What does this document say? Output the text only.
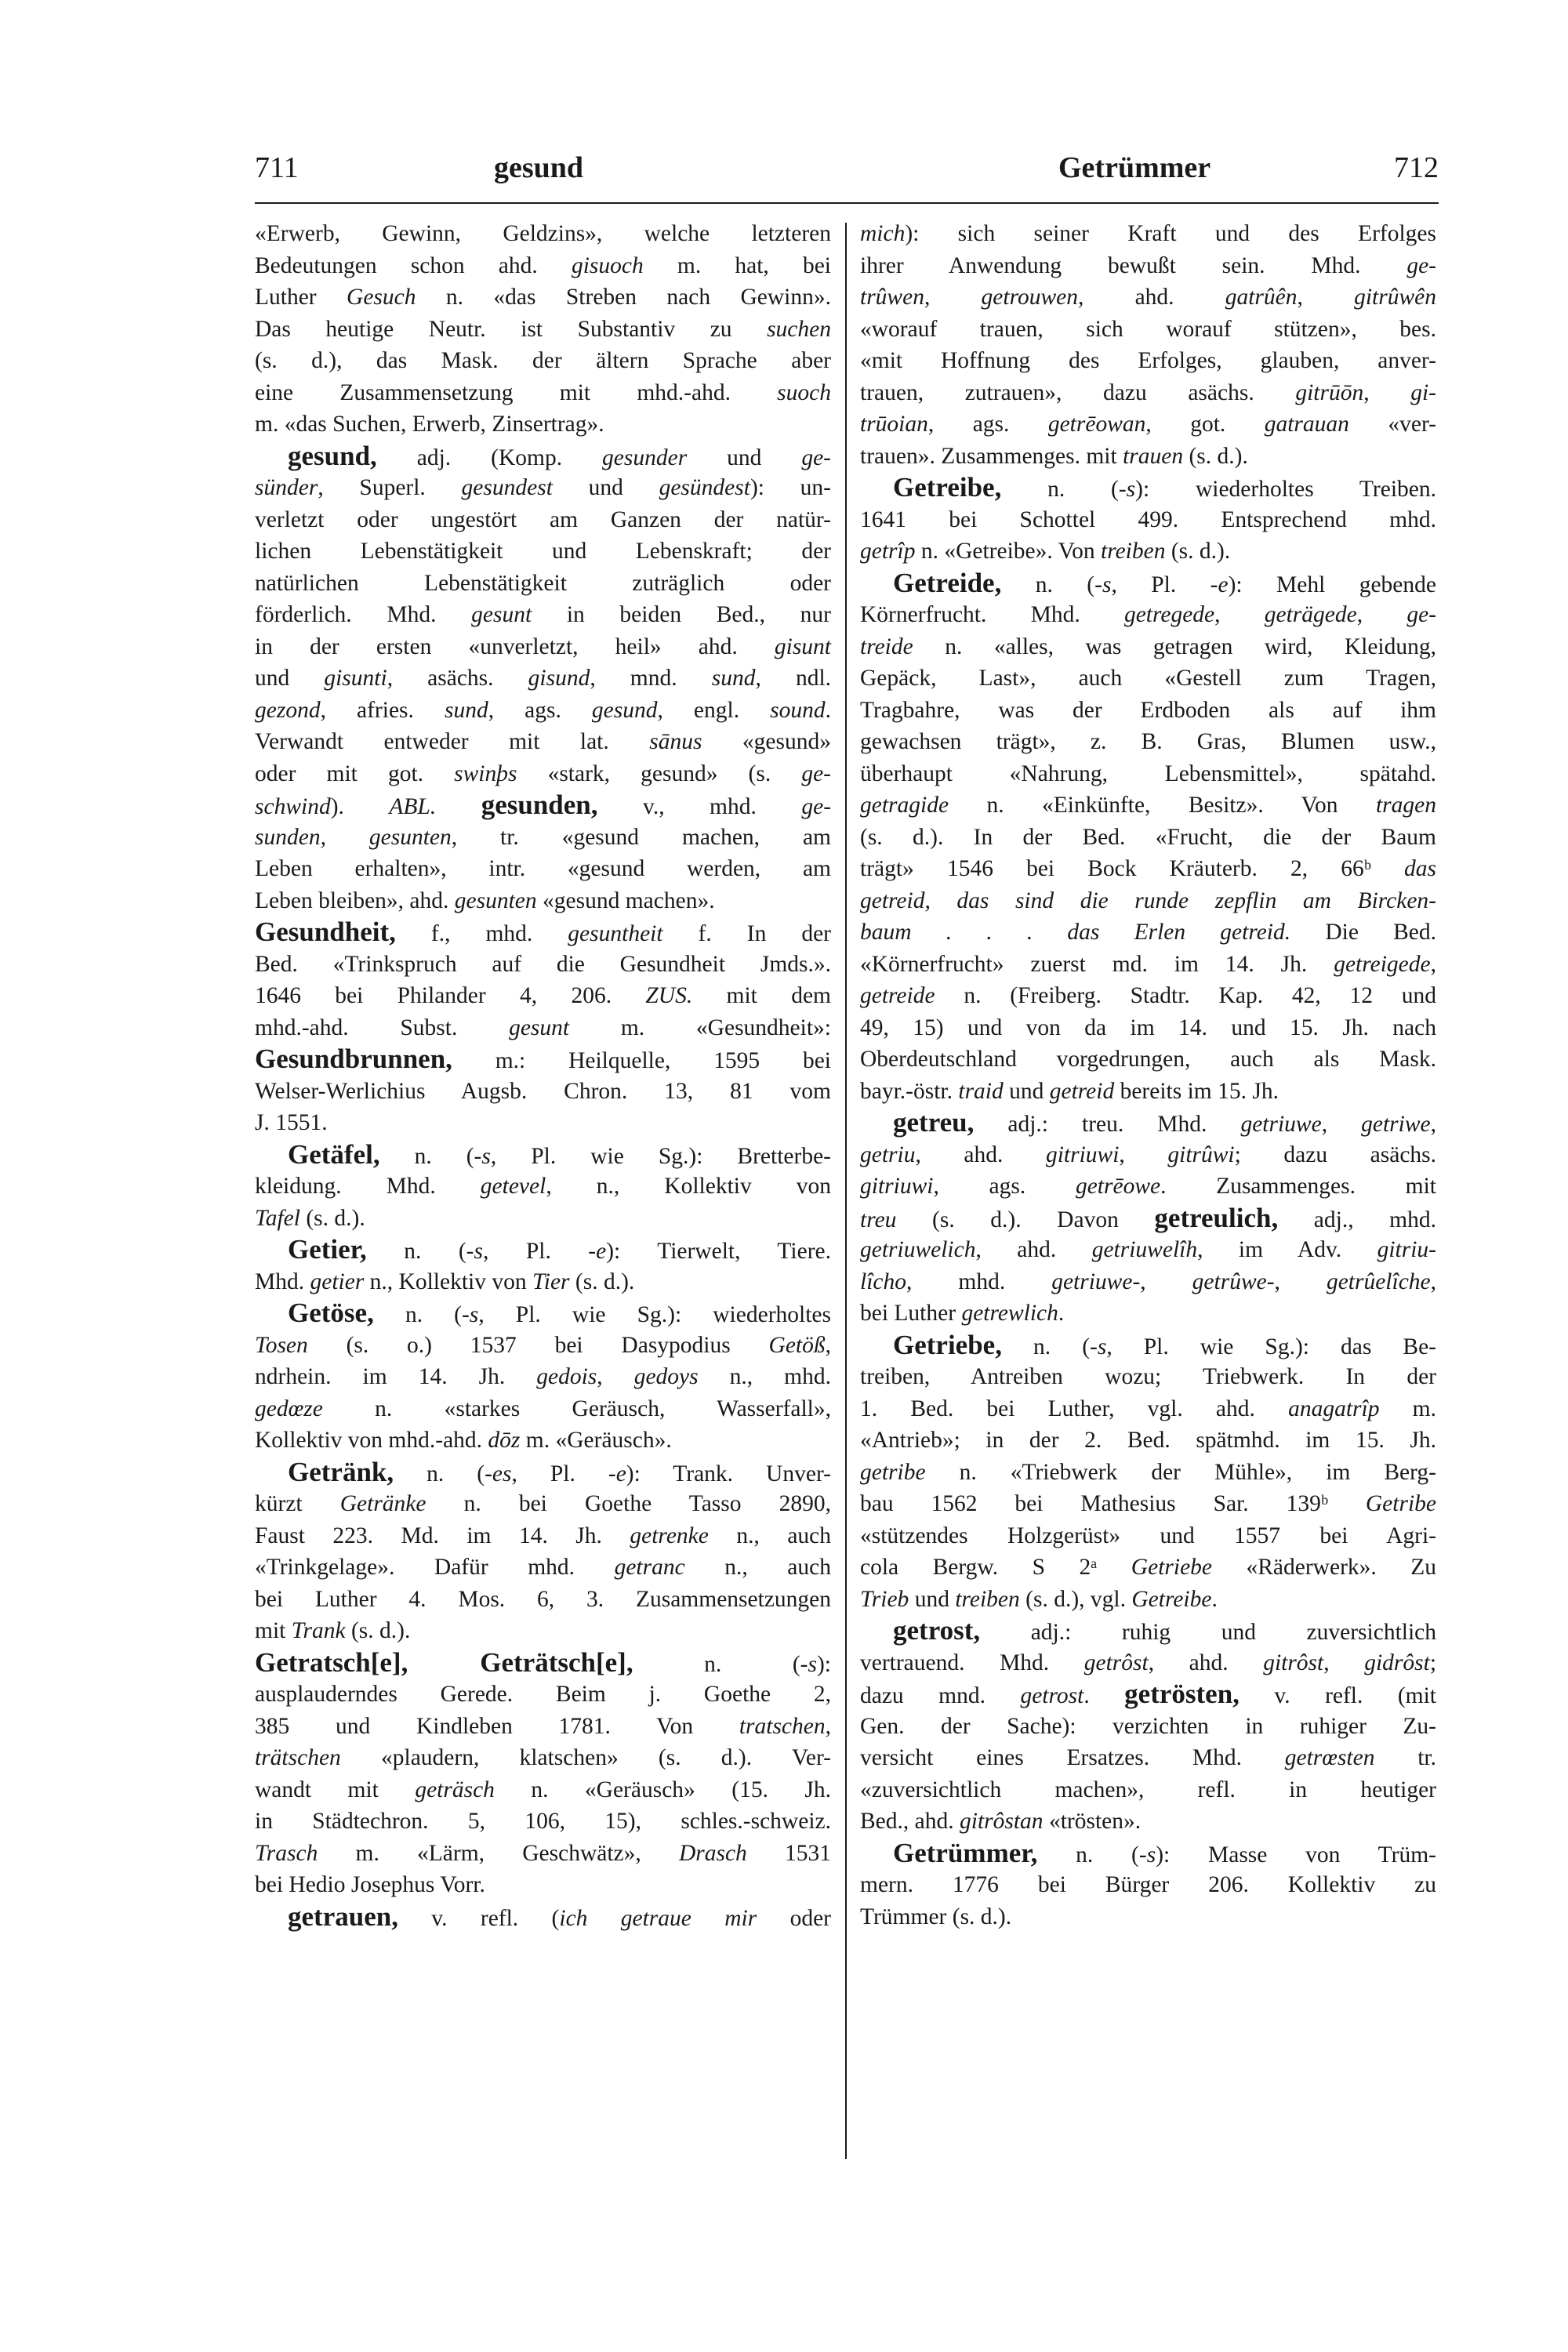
711	gesund	Getrümmer	712
«Erwerb, Gewinn, Geldzins», welche letzteren
Bedeutungen schon ahd. gisuoch m. hat, bei
Luther Gesuch n. «das Streben nach Gewinn».
Das heutige Neutr. ist Substantiv zu suchen
(s. d.), das Mask. der ältern Sprache aber
eine Zusammensetzung mit mhd.-ahd. suoch
m. «das Suchen, Erwerb, Zinsertrag».
gesund, adj. (Komp. gesunder und ge-
sünder, Superl. gesundest und gesündest): un-
verletzt oder ungestört am Ganzen der natür-
lichen Lebenstätigkeit und Lebenskraft; der
natürlichen Lebenstätigkeit zuträglich oder
förderlich. Mhd. gesunt in beiden Bed., nur
in der ersten «unverletzt, heil» ahd. gisunt
und gisunti, asächs. gisund, mnd. sund, ndl.
gezond, afries. sund, ags. gesund, engl. sound.
Verwandt entweder mit lat. sānus «gesund»
oder mit got. swinþs «stark, gesund» (s. ge-
schwind). ABL. gesunden, v., mhd. ge-
sunden, gesunten, tr. «gesund machen, am
Leben erhalten», intr. «gesund werden, am
Leben bleiben», ahd. gesunten «gesund machen».
Gesundheit, f., mhd. gesuntheit f. In der
Bed. «Trinkspruch auf die Gesundheit Jmds.».
1646 bei Philander 4, 206. ZUS. mit dem
mhd.-ahd. Subst. gesunt m. «Gesundheit»:
Gesundbrunnen, m.: Heilquelle, 1595 bei
Welser-Werlichius Augsb. Chron. 13, 81 vom
J. 1551.
Getäfel, n. (-s, Pl. wie Sg.): Bretterbe-
kleidung. Mhd. getevel, n., Kollektiv von
Tafel (s. d.).
Getier, n. (-s, Pl. -e): Tierwelt, Tiere.
Mhd. getier n., Kollektiv von Tier (s. d.).
Getöse, n. (-s, Pl. wie Sg.): wiederholtes
Tosen (s. o.) 1537 bei Dasypodius Getöß,
ndrhein. im 14. Jh. gedois, gedoys n., mhd.
gedœze n. «starkes Geräusch, Wasserfall»,
Kollektiv von mhd.-ahd. dōz m. «Geräusch».
Getränk, n. (-es, Pl. -e): Trank. Unver-
kürzt Getränke n. bei Goethe Tasso 2890,
Faust 223. Md. im 14. Jh. getrenke n., auch
«Trinkgelage». Dafür mhd. getranc n., auch
bei Luther 4. Mos. 6, 3. Zusammensetzungen
mit Trank (s. d.).
Getratsch[e], Geträtsch[e], n. (-s):
ausplauderndes Gerede. Beim j. Goethe 2,
385 und Kindleben 1781. Von tratschen,
trätschen «plaudern, klatschen» (s. d.). Ver-
wandt mit geträsch n. «Geräusch» (15. Jh.
in Städtechron. 5, 106, 15), schles.-schweiz.
Trasch m. «Lärm, Geschwätz», Drasch 1531
bei Hedio Josephus Vorr.
getrauen, v. refl. (ich getraue mir oder
mich): sich seiner Kraft und des Erfolges
ihrer Anwendung bewußt sein. Mhd. ge-
trûwen, getrouwen, ahd. gatrûên, gitrûwên
«worauf trauen, sich worauf stützen», bes.
«mit Hoffnung des Erfolges, glauben, anver-
trauen, zutrauen», dazu asächs. gitrūōn, gi-
trūoian, ags. getrēowan, got. gatrauan «ver-
trauen». Zusammenges. mit trauen (s. d.).
Getreibe, n. (-s): wiederholtes Treiben.
1641 bei Schottel 499. Entsprechend mhd.
getrîp n. «Getreibe». Von treiben (s. d.).
Getreide, n. (-s, Pl. -e): Mehl gebende
Körnerfrucht. Mhd. getregede, geträgede, ge-
treide n. «alles, was getragen wird, Kleidung,
Gepäck, Last», auch «Gestell zum Tragen,
Tragbahre, was der Erdboden als auf ihm
gewachsen trägt», z. B. Gras, Blumen usw.,
überhaupt «Nahrung, Lebensmittel», spätahd.
getragide n. «Einkünfte, Besitz». Von tragen
(s. d.). In der Bed. «Frucht, die der Baum
trägt» 1546 bei Bock Kräuterb. 2, 66ᵇ das
getreid, das sind die runde zepflin am Bircken-
baum . . . das Erlen getreid. Die Bed.
«Körnerfrucht» zuerst md. im 14. Jh. getreigede,
getreide n. (Freiberg. Stadtr. Kap. 42, 12 und
49, 15) und von da im 14. und 15. Jh. nach
Oberdeutschland vorgedrungen, auch als Mask.
bayr.-östr. traid und getreid bereits im 15. Jh.
getreu, adj.: treu. Mhd. getriuwe, getriwe,
getriu, ahd. gitriuwi, gitrûwi; dazu asächs.
gitriuwi, ags. getrēowe. Zusammenges. mit
treu (s. d.). Davon getreulich, adj., mhd.
getriuwelich, ahd. getriuwelîh, im Adv. gitriu-
lîcho, mhd. getriuwe-, getrûwe-, getrûelîche,
bei Luther getrewlich.
Getriebe, n. (-s, Pl. wie Sg.): das Be-
treiben, Antreiben wozu; Triebwerk. In der
1. Bed. bei Luther, vgl. ahd. anagatrîp m.
«Antrieb»; in der 2. Bed. spätmhd. im 15. Jh.
getribe n. «Triebwerk der Mühle», im Berg-
bau 1562 bei Mathesius Sar. 139ᵇ Getribe
«stützendes Holzgerüst» und 1557 bei Agri-
cola Bergw. S 2ᵃ Getriebe «Räderwerk». Zu
Trieb und treiben (s. d.), vgl. Getreibe.
getrost, adj.: ruhig und zuversichtlich
vertrauend. Mhd. getrôst, ahd. gitrôst, gidrôst;
dazu mnd. getrost. getrösten, v. refl. (mit
Gen. der Sache): verzichten in ruhiger Zu-
versicht eines Ersatzes. Mhd. getrœsten tr.
«zuversichtlich machen», refl. in heutiger
Bed., ahd. gitrôstan «trösten».
Getrümmer, n. (-s): Masse von Trüm-
mern. 1776 bei Bürger 206. Kollektiv zu
Trümmer (s. d.).
